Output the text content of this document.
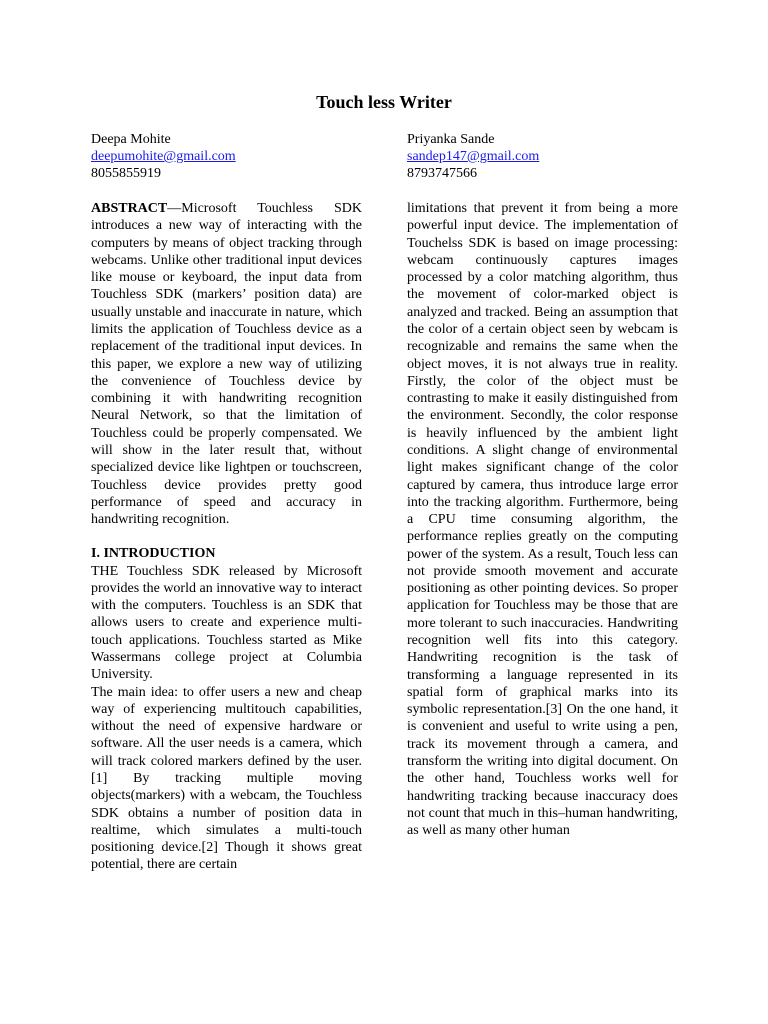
Touch less Writer
Deepa Mohite
deepumohite@gmail.com
8055855919
Priyanka Sande
sandep147@gmail.com
8793747566

ABSTRACT—Microsoft Touchless SDK introduces a new way of interacting with the computers by means of object tracking through webcams. Unlike other traditional input devices like mouse or keyboard, the input data from Touchless SDK (markers’ position data) are usually unstable and inaccurate in nature, which limits the application of Touchless device as a replacement of the traditional input devices. In this paper, we explore a new way of utilizing the convenience of Touchless device by combining it with handwriting recognition Neural Network, so that the limitation of Touchless could be properly compensated. We will show in the later result that, without specialized device like lightpen or touchscreen, Touchless device provides pretty good performance of speed and accuracy in handwriting recognition.

I. INTRODUCTION

THE Touchless SDK released by Microsoft provides the world an innovative way to interact with the computers. Touchless is an SDK that allows users to create and experience multi-touch applications. Touchless started as Mike Wassermans college project at Columbia University.

The main idea: to offer users a new and cheap way of experiencing multitouch capabilities, without the need of expensive hardware or software. All the user needs is a camera, which will track colored markers defined by the user.[1] By tracking multiple moving objects(markers) with a webcam, the Touchless SDK obtains a number of position data in realtime, which simulates a multi-touch positioning device.[2] Though it shows great potential, there are certain

limitations that prevent it from being a more powerful input device. The implementation of Touchelss SDK is based on image processing: webcam continuously captures images processed by a color matching algorithm, thus the movement of color-marked object is analyzed and tracked. Being an assumption that the color of a certain object seen by webcam is recognizable and remains the same when the object moves, it is not always true in reality. Firstly, the color of the object must be contrasting to make it easily distinguished from the environment. Secondly, the color response is heavily influenced by the ambient light conditions. A slight change of environmental light makes significant change of the color captured by camera, thus introduce large error into the tracking algorithm. Furthermore, being a CPU time consuming algorithm, the performance replies greatly on the computing power of the system. As a result, Touch less can not provide smooth movement and accurate positioning as other pointing devices. So proper application for Touchless may be those that are more tolerant to such inaccuracies. Handwriting recognition well fits into this category. Handwriting recognition is the task of transforming a language represented in its spatial form of graphical marks into its symbolic representation.[3] On the one hand, it is convenient and useful to write using a pen, track its movement through a camera, and transform the writing into digital document. On the other hand, Touchless works well for handwriting tracking because inaccuracy does not count that much in this–human handwriting, as well as many other human
